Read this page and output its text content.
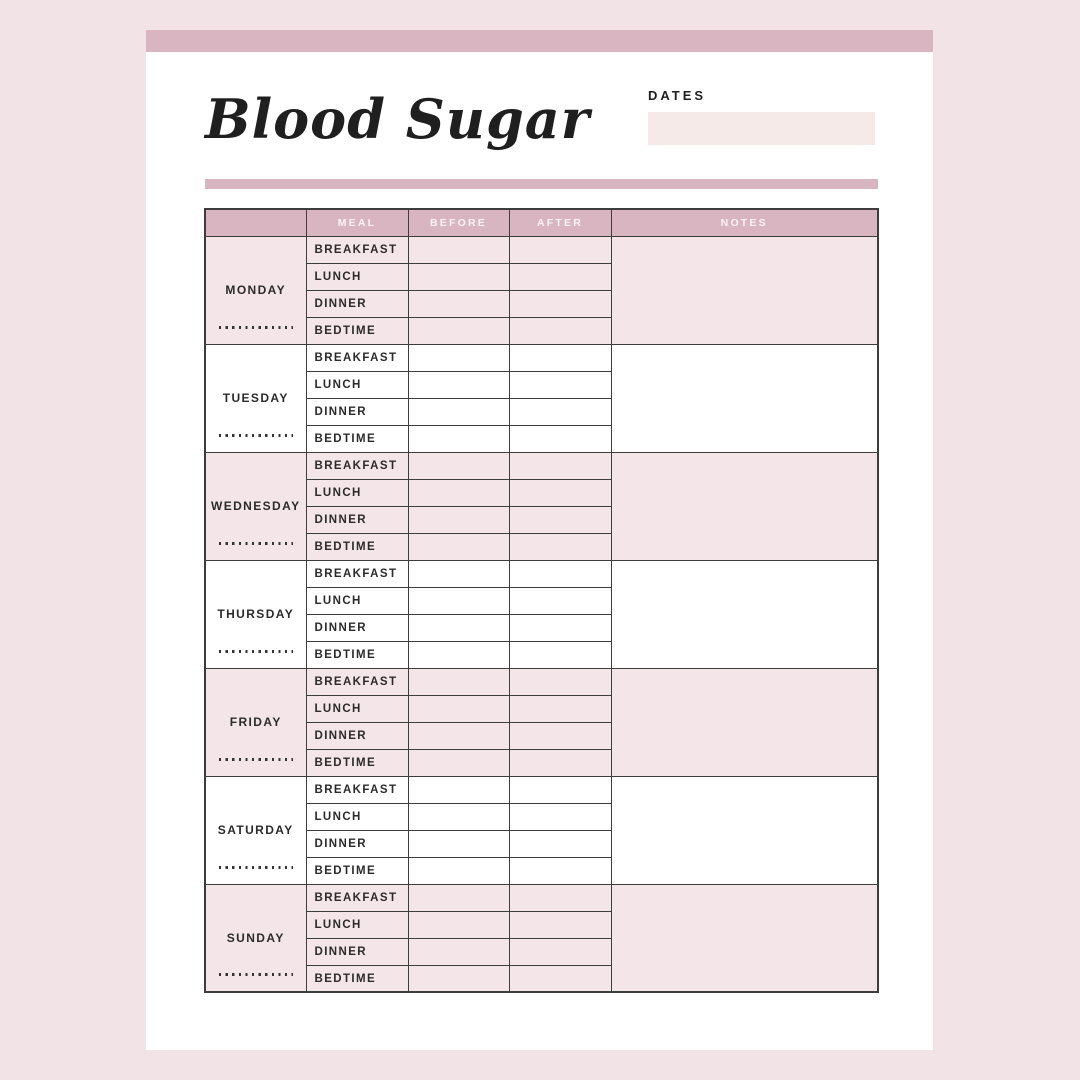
Blood Sugar	DATES
	MEAL	BEFORE	AFTER	NOTES
MONDAY	BREAKFAST			
	LUNCH			
	DINNER			
	BEDTIME			
TUESDAY	BREAKFAST			
	LUNCH			
	DINNER			
	BEDTIME			
WEDNESDAY	BREAKFAST			
	LUNCH			
	DINNER			
	BEDTIME			
THURSDAY	BREAKFAST			
	LUNCH			
	DINNER			
	BEDTIME			
FRIDAY	BREAKFAST			
	LUNCH			
	DINNER			
	BEDTIME			
SATURDAY	BREAKFAST			
	LUNCH			
	DINNER			
	BEDTIME			
SUNDAY	BREAKFAST			
	LUNCH			
	DINNER			
	BEDTIME			
